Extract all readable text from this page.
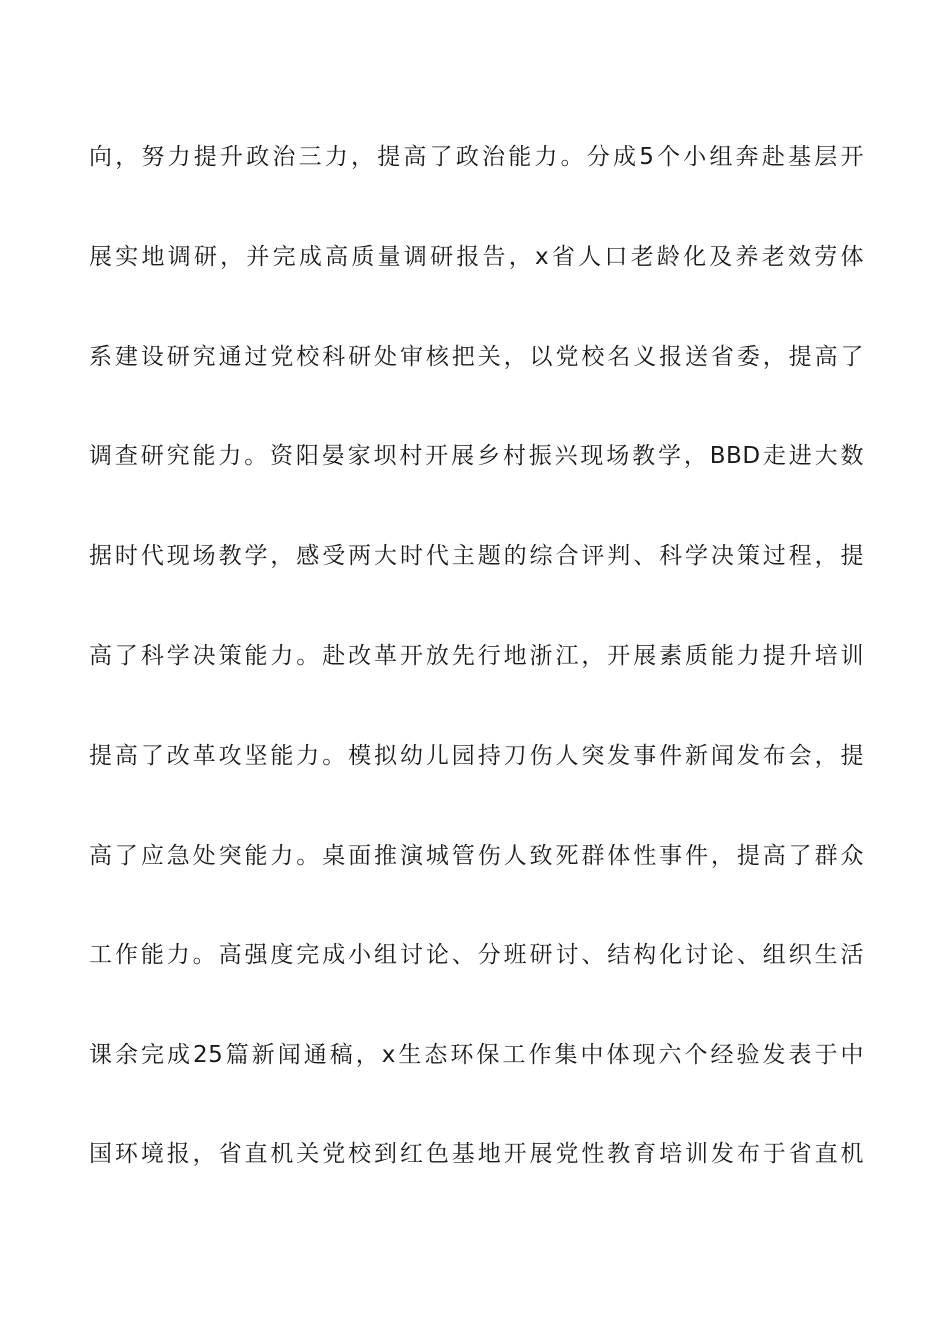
向，努力提升政治三力，提高了政治能力。分成5个小组奔赴基层开
展实地调研，并完成高质量调研报告，x省人口老龄化及养老效劳体
系建设研究通过党校科研处审核把关，以党校名义报送省委，提高了
调查研究能力。资阳晏家坝村开展乡村振兴现场教学，BBD走进大数
据时代现场教学，感受两大时代主题的综合评判、科学决策过程，提
高了科学决策能力。赴改革开放先行地浙江，开展素质能力提升培训
提高了改革攻坚能力。模拟幼儿园持刀伤人突发事件新闻发布会，提
高了应急处突能力。桌面推演城管伤人致死群体性事件，提高了群众
工作能力。高强度完成小组讨论、分班研讨、结构化讨论、组织生活
课余完成25篇新闻通稿，x生态环保工作集中体现六个经验发表于中
国环境报，省直机关党校到红色基地开展党性教育培训发布于省直机
